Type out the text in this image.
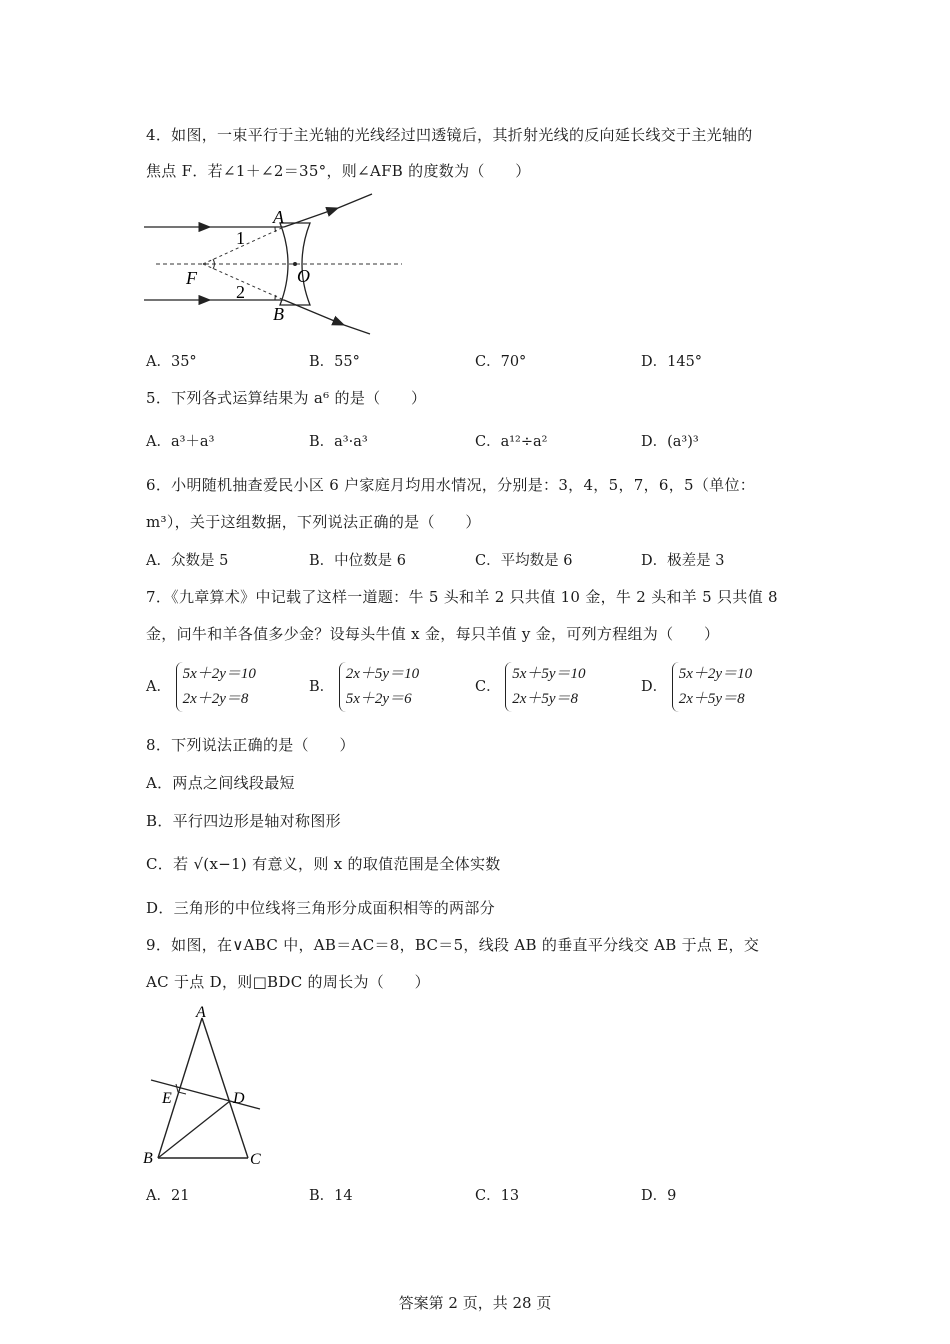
4．如图，一束平行于主光轴的光线经过凹透镜后，其折射光线的反向延长线交于主光轴的
焦点 F．若∠1＋∠2＝35°，则∠AFB 的度数为（　　）
A
B
F	O
1
2
A．35°	B．55°	C．70°	D．145°
5．下列各式运算结果为 a⁶ 的是（　　）
A．a³＋a³	B．a³·a³	C．a¹²÷a²	D．(a³)³
6．小明随机抽查爱民小区 6 户家庭月均用水情况，分别是：3，4，5，7，6，5（单位：
m³），关于这组数据，下列说法正确的是（　　）
A．众数是 5	B．中位数是 6	C．平均数是 6	D．极差是 3
7．《九章算术》中记载了这样一道题：牛 5 头和羊 2 只共值 10 金，牛 2 头和羊 5 只共值 8
金，问牛和羊各值多少金？设每头牛值 x 金，每只羊值 y 金，可列方程组为（　　）
A． 5x＋2y＝10
2x＋2y＝8
B． 2x＋5y＝10
5x＋2y＝6
C． 5x＋5y＝10
2x＋5y＝8
D． 5x＋2y＝10
2x＋5y＝8
8．下列说法正确的是（　　）
A．两点之间线段最短
B．平行四边形是轴对称图形
C．若 √(x−1) 有意义，则 x 的取值范围是全体实数
D．三角形的中位线将三角形分成面积相等的两部分
9．如图，在∨ABC 中，AB＝AC＝8，BC＝5，线段 AB 的垂直平分线交 AB 于点 E，交
AC 于点 D，则□BDC 的周长为（　　）
A
B	C
D
E
A．21	B．14	C．13	D．9
答案第 2 页，共 28 页
